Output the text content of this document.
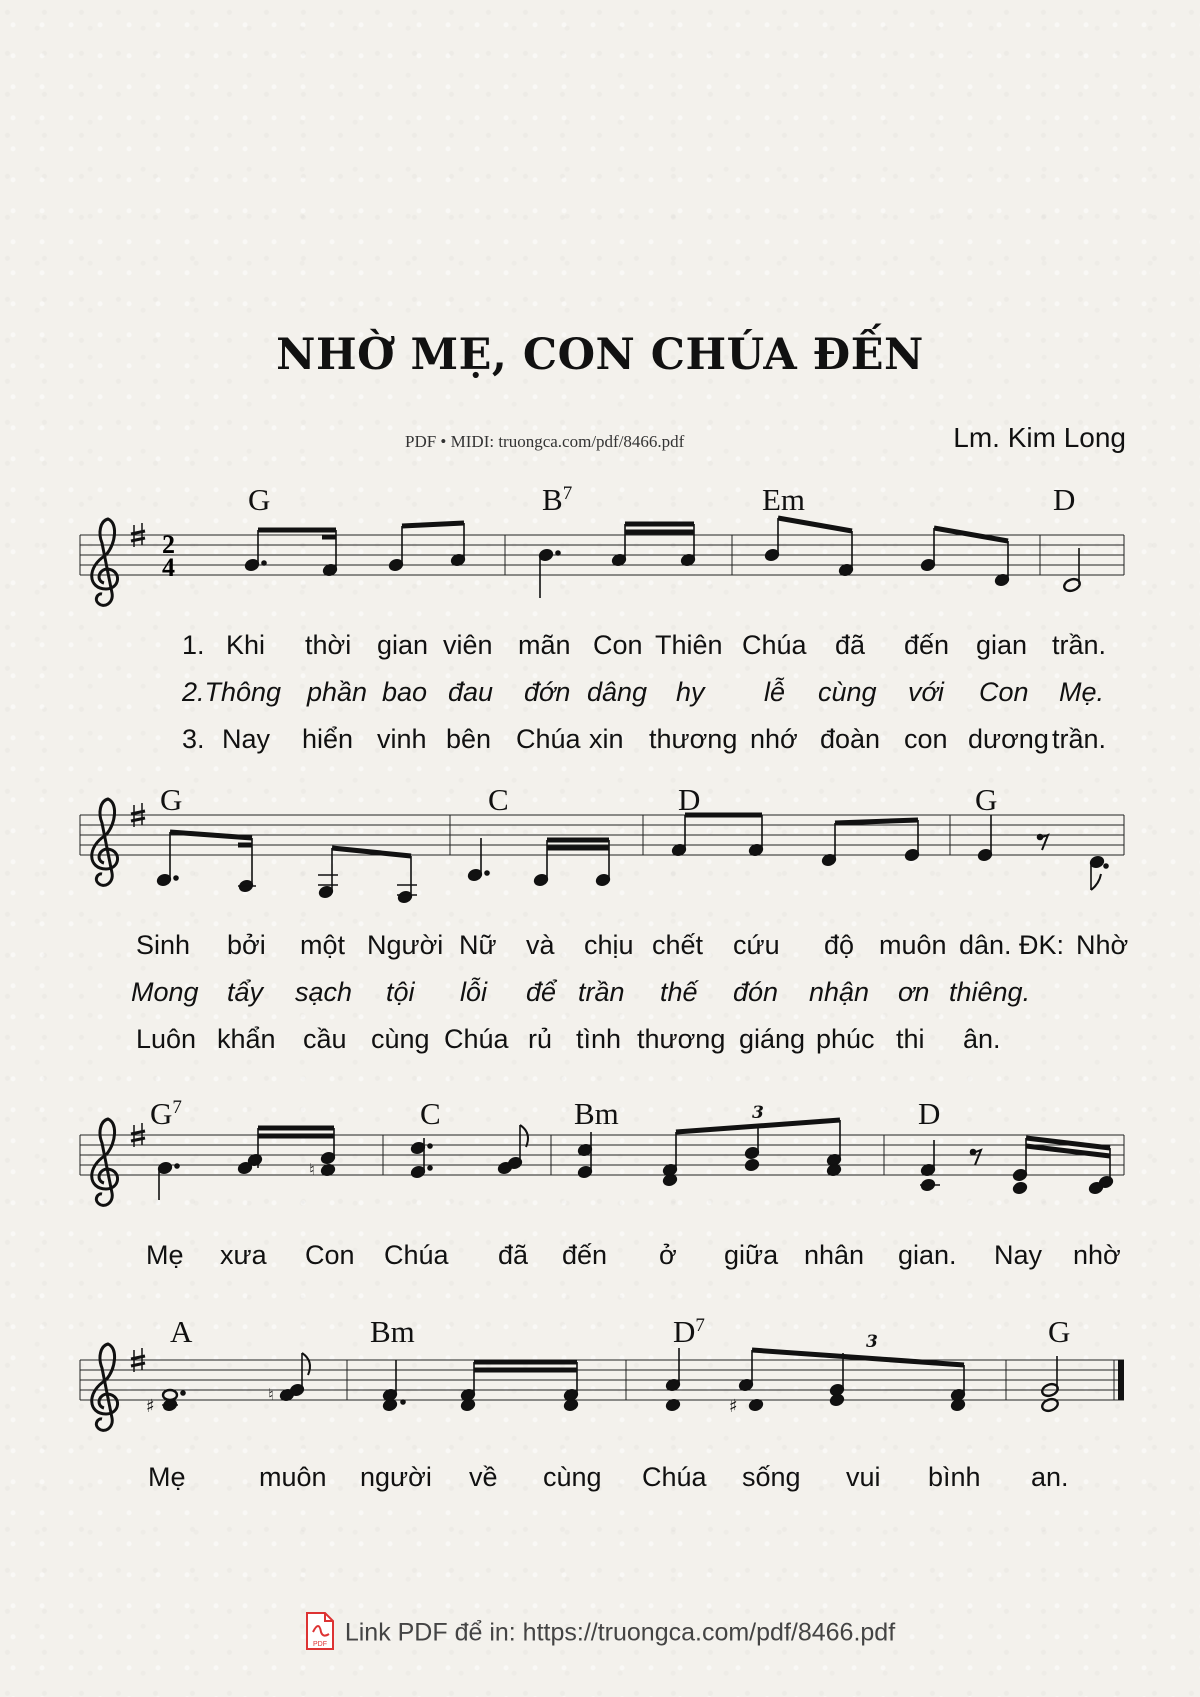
NHỜ MẸ, CON CHÚA ĐẾN
PDF • MIDI: truongca.com/pdf/8466.pdf	Lm. Kim Long
2
4
G	$B^7$	Em	D
G	C	D	G
$G^7$	C	Bm	D
♮
3
A	Bm	$D^7$	G
♯
♮
♯
3
1. Khi thời gian viên mãn Con Thiên Chúa đã đến gian trần.
2.Thông phần bao đau đớn dâng hy lễ cùng với Con Mẹ.
3. Nay hiển vinh bên Chúa xin thương nhớ đoàn con dương trần.
Sinh bởi một Người Nữ và chịu chết cứu độ muôn dân. ĐK: Nhờ
Mong tẩy sạch tội lỗi để trần thế đón nhận ơn thiêng.
Luôn khẩn cầu cùng Chúa rủ tình thương giáng phúc thi ân.
Mẹ xưa Con Chúa đã đến ở giữa nhân gian. Nay nhờ
Mẹ	muôn người về cùng Chúa sống vui bình an.
PDF Link PDF để in: https://truongca.com/pdf/8466.pdf
